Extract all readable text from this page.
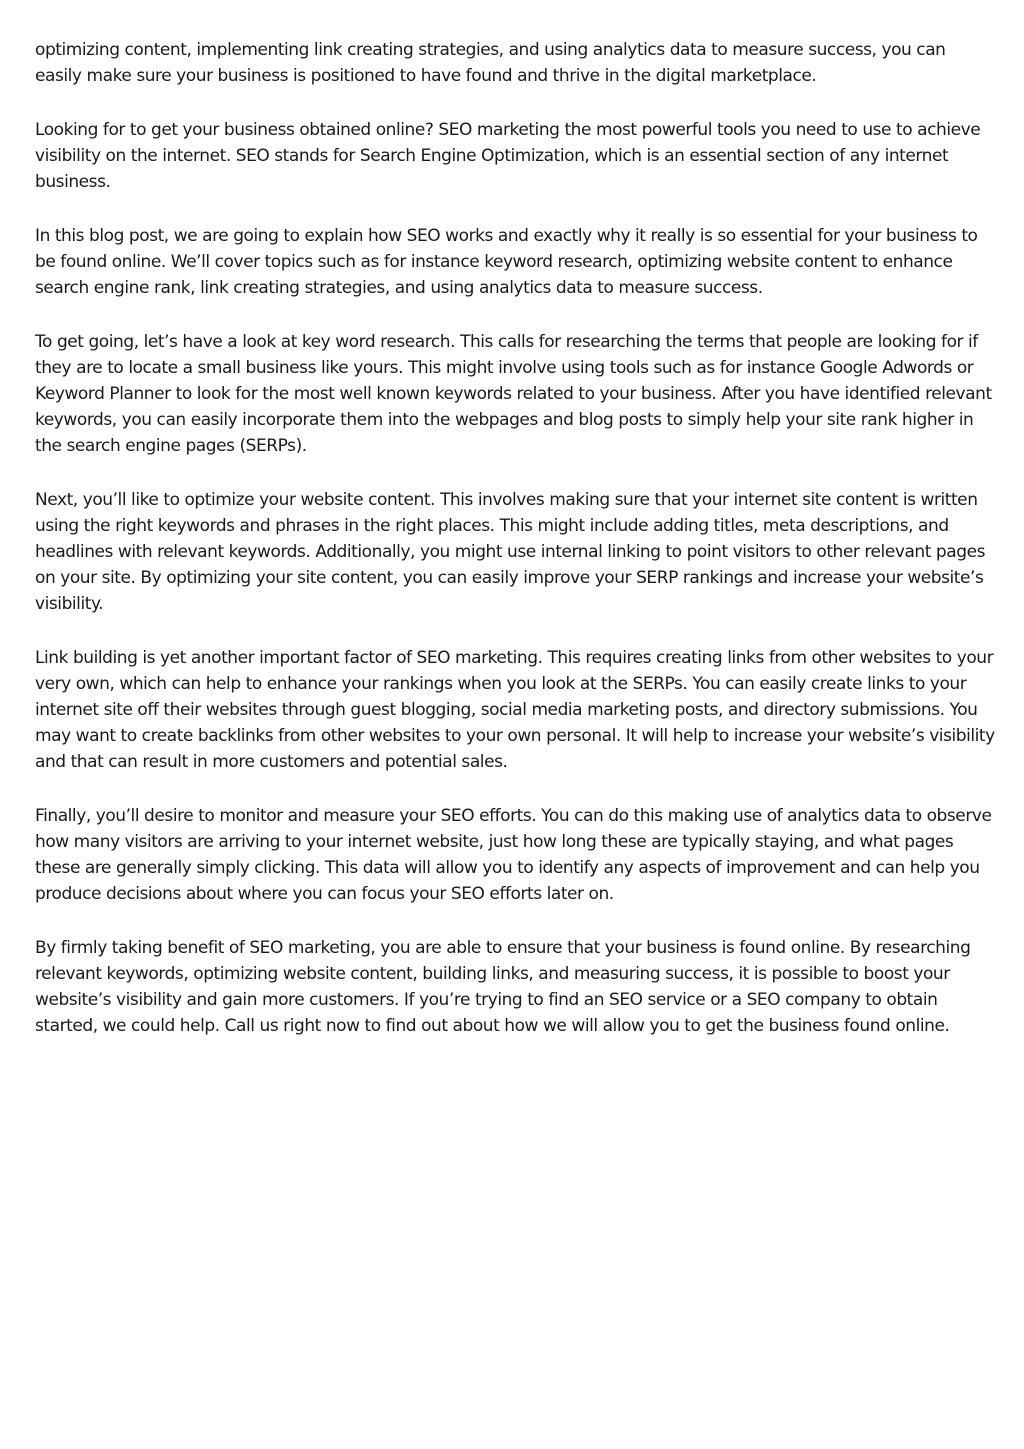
optimizing content, implementing link creating strategies, and using analytics data to measure success, you can easily make sure your business is positioned to have found and thrive in the digital marketplace.

Looking for to get your business obtained online? SEO marketing the most powerful tools you need to use to achieve visibility on the internet. SEO stands for Search Engine Optimization, which is an essential section of any internet business.

In this blog post, we are going to explain how SEO works and exactly why it really is so essential for your business to be found online. We’ll cover topics such as for instance keyword research, optimizing website content to enhance search engine rank, link creating strategies, and using analytics data to measure success.

To get going, let’s have a look at key word research. This calls for researching the terms that people are looking for if they are to locate a small business like yours. This might involve using tools such as for instance Google Adwords or Keyword Planner to look for the most well known keywords related to your business. After you have identified relevant keywords, you can easily incorporate them into the webpages and blog posts to simply help your site rank higher in the search engine pages (SERPs).

Next, you’ll like to optimize your website content. This involves making sure that your internet site content is written using the right keywords and phrases in the right places. This might include adding titles, meta descriptions, and headlines with relevant keywords. Additionally, you might use internal linking to point visitors to other relevant pages on your site. By optimizing your site content, you can easily improve your SERP rankings and increase your website’s visibility.

Link building is yet another important factor of SEO marketing. This requires creating links from other websites to your very own, which can help to enhance your rankings when you look at the SERPs. You can easily create links to your internet site off their websites through guest blogging, social media marketing posts, and directory submissions. You may want to create backlinks from other websites to your own personal. It will help to increase your website’s visibility and that can result in more customers and potential sales.

Finally, you’ll desire to monitor and measure your SEO efforts. You can do this making use of analytics data to observe how many visitors are arriving to your internet website, just how long these are typically staying, and what pages these are generally simply clicking. This data will allow you to identify any aspects of improvement and can help you produce decisions about where you can focus your SEO efforts later on.

By firmly taking benefit of SEO marketing, you are able to ensure that your business is found online. By researching relevant keywords, optimizing website content, building links, and measuring success, it is possible to boost your website’s visibility and gain more customers. If you’re trying to find an SEO service or a SEO company to obtain started, we could help. Call us right now to find out about how we will allow you to get the business found online.
